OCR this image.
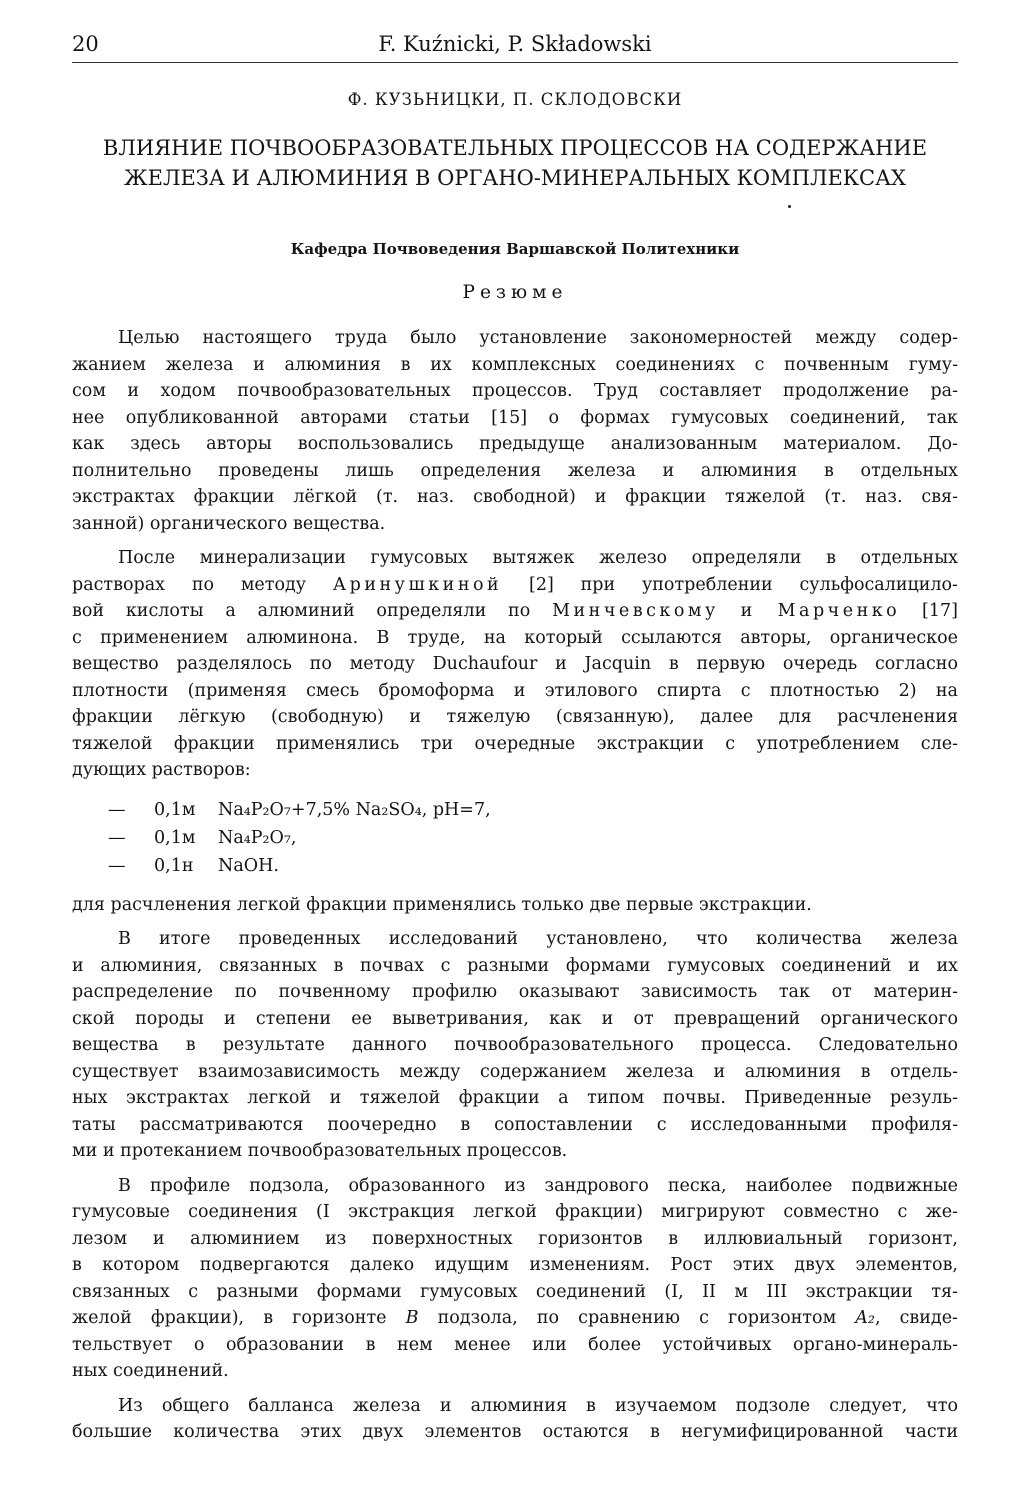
20	F. Kuźnicki, P. Składowski
Ф. КУЗЬНИЦКИ, П. СКЛОДОВСКИ
ВЛИЯНИЕ ПОЧВООБРАЗОВАТЕЛЬНЫХ ПРОЦЕССОВ НА СОДЕРЖАНИЕ
ЖЕЛЕЗА И АЛЮМИНИЯ В ОРГАНО-МИНЕРАЛЬНЫХ КОМПЛЕКСАХ
Кафедра Почвоведения Варшавской Политехники
Резюме

Целью настоящего труда было установление закономерностей между содер-
жанием железа и алюминия в их комплексных соединениях с почвенным гуму-
сом и ходом почвообразовательных процессов. Труд составляет продолжение ра-
нее опубликованной авторами статьи [15] о формах гумусовых соединений, так
как здесь авторы воспользовались предыдуще анализованным материалом. До-
полнительно проведены лишь определения железа и алюминия в отдельных
экстрактах фракции лёгкой (т. наз. свободной) и фракции тяжелой (т. наз. свя-
занной) органического вещества.

После минерализации гумусовых вытяжек железо определяли в отдельных
растворах по методу Аринушкиной [2] при употреблении сульфосалицило-
вой кислоты а алюминий определяли по Минчевскому и Марченко [17]
с применением алюминона. В труде, на который ссылаются авторы, органическое
вещество разделялось по методу Duchaufour и Jacquin в первую очередь согласно
плотности (применяя смесь бромоформа и этилового спирта с плотностью 2) на
фракции лёгкую (свободную) и тяжелую (связанную), далее для расчленения
тяжелой фракции применялись три очередные экстракции с употреблением сле-
дующих растворов:

—	0,1м	Na₄P₂O₇+7,5% Na₂SO₄, pH=7,
—	0,1м	Na₄P₂O₇,
—	0,1н	NaOH.

для расчленения легкой фракции применялись только две первые экстракции.

В итоге проведенных исследований установлено, что количества железа
и алюминия, связанных в почвах с разными формами гумусовых соединений и их
распределение по почвенному профилю оказывают зависимость так от материн-
ской породы и степени ее выветривания, как и от превращений органического
вещества в результате данного почвообразовательного процесса. Следовательно
существует взаимозависимость между содержанием железа и алюминия в отдель-
ных экстрактах легкой и тяжелой фракции а типом почвы. Приведенные резуль-
таты рассматриваются поочередно в сопоставлении с исследованными профиля-
ми и протеканием почвообразовательных процессов.

В профиле подзола, образованного из зандрового песка, наиболее подвижные
гумусовые соединения (I экстракция легкой фракции) мигрируют совместно с же-
лезом и алюминием из поверхностных горизонтов в иллювиальный горизонт,
в котором подвергаются далеко идущим изменениям. Рост этих двух элементов,
связанных с разными формами гумусовых соединений (I, II м III экстракции тя-
желой фракции), в горизонте B подзола, по сравнению с горизонтом A₂, свиде-
тельствует о образовании в нем менее или более устойчивых органо-минераль-
ных соединений.

Из общего балланса железа и алюминия в изучаемом подзоле следует, что
большие количества этих двух элементов остаются в негумифицированной части
